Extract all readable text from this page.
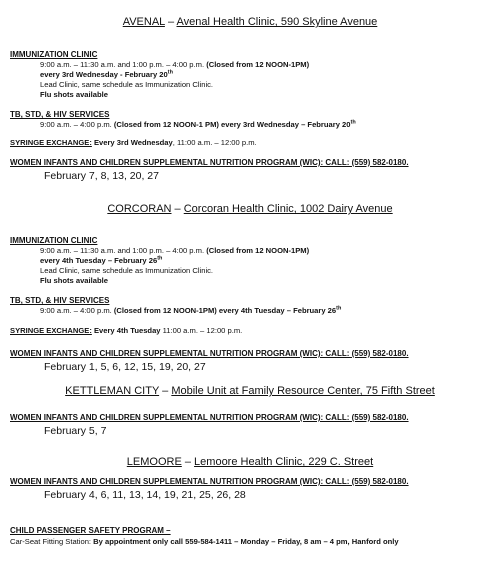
AVENAL – Avenal Health Clinic, 590 Skyline Avenue
IMMUNIZATION CLINIC
9:00 a.m. – 11:30 a.m. and 1:00 p.m. – 4:00 p.m. (Closed from 12 NOON-1PM)
every 3rd Wednesday - February 20th
Lead Clinic, same schedule as Immunization Clinic.
Flu shots available
TB, STD, & HIV SERVICES
9:00 a.m. – 4:00 p.m. (Closed from 12 NOON-1 PM) every 3rd Wednesday – February 20th
SYRINGE EXCHANGE: Every 3rd Wednesday, 11:00 a.m. – 12:00 p.m.
WOMEN INFANTS AND CHILDREN SUPPLEMENTAL NUTRITION PROGRAM (WIC): CALL: (559) 582-0180.
February 7, 8, 13, 20, 27
CORCORAN – Corcoran Health Clinic, 1002 Dairy Avenue
IMMUNIZATION CLINIC
9:00 a.m. – 11:30 a.m. and 1:00 p.m. – 4:00 p.m. (Closed from 12 NOON-1PM)
every 4th Tuesday – February 26th
Lead Clinic, same schedule as Immunization Clinic.
Flu shots available
TB, STD, & HIV SERVICES
9:00 a.m. – 4:00 p.m. (Closed from 12 NOON-1PM) every 4th Tuesday – February 26th
SYRINGE EXCHANGE: Every 4th Tuesday 11:00 a.m. – 12:00 p.m.
WOMEN INFANTS AND CHILDREN SUPPLEMENTAL NUTRITION PROGRAM (WIC): CALL: (559) 582-0180.
February 1, 5, 6, 12, 15, 19, 20, 27
KETTLEMAN CITY – Mobile Unit at Family Resource Center, 75 Fifth Street
WOMEN INFANTS AND CHILDREN SUPPLEMENTAL NUTRITION PROGRAM (WIC): CALL: (559) 582-0180.
February 5, 7
LEMOORE – Lemoore Health Clinic, 229 C. Street
WOMEN INFANTS AND CHILDREN SUPPLEMENTAL NUTRITION PROGRAM (WIC): CALL: (559) 582-0180.
February 4, 6, 11, 13, 14, 19, 21, 25, 26, 28
CHILD PASSENGER SAFETY PROGRAM –
Car-Seat Fitting Station: By appointment only call 559-584-1411 – Monday – Friday, 8 am – 4 pm, Hanford only
